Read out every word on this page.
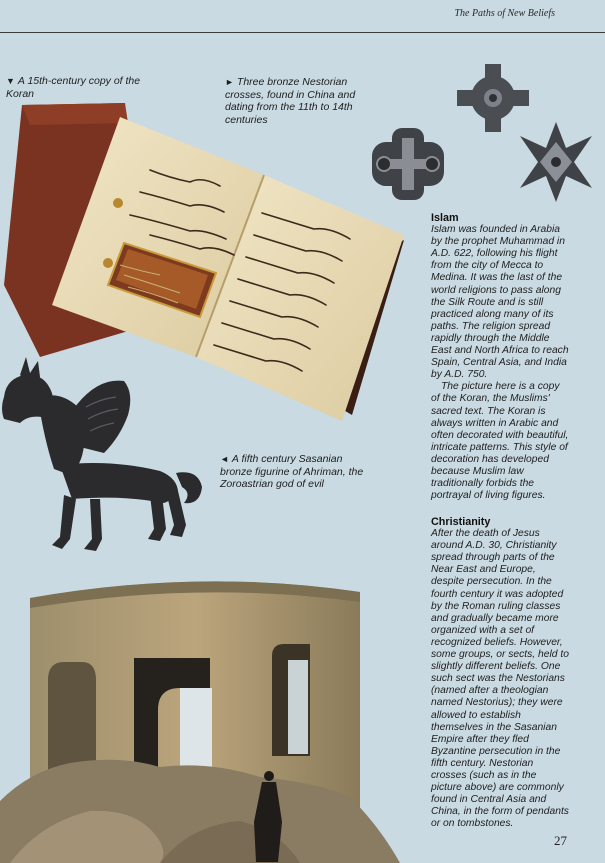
The Paths of New Beliefs
▼ A 15th-century copy of the Koran
► Three bronze Nestorian crosses, found in China and dating from the 11th to 14th centuries
Islam

Islam was founded in Arabia by the prophet Muhammad in A.D. 622, following his flight from the city of Mecca to Medina. It was the last of the world religions to pass along the Silk Route and is still practiced along many of its paths. The religion spread rapidly through the Middle East and North Africa to reach Spain, Central Asia, and India by A.D. 750.

The picture here is a copy of the Koran, the Muslims' sacred text. The Koran is always written in Arabic and often decorated with beautiful, intricate patterns. This style of decoration has developed because Muslim law traditionally forbids the portrayal of living figures.

◄ A fifth century Sasanian bronze figurine of Ahriman, the Zoroastrian god of evil
Christianity

After the death of Jesus around A.D. 30, Christianity spread through parts of the Near East and Europe, despite persecution. In the fourth century it was adopted by the Roman ruling classes and gradually became more organized with a set of recognized beliefs. However, some groups, or sects, held to slightly different beliefs. One such sect was the Nestorians (named after a theologian named Nestorius); they were allowed to establish themselves in the Sasanian Empire after they fled Byzantine persecution in the fifth century. Nestorian crosses (such as in the picture above) are commonly found in Central Asia and China, in the form of pendants or on tombstones.

27
